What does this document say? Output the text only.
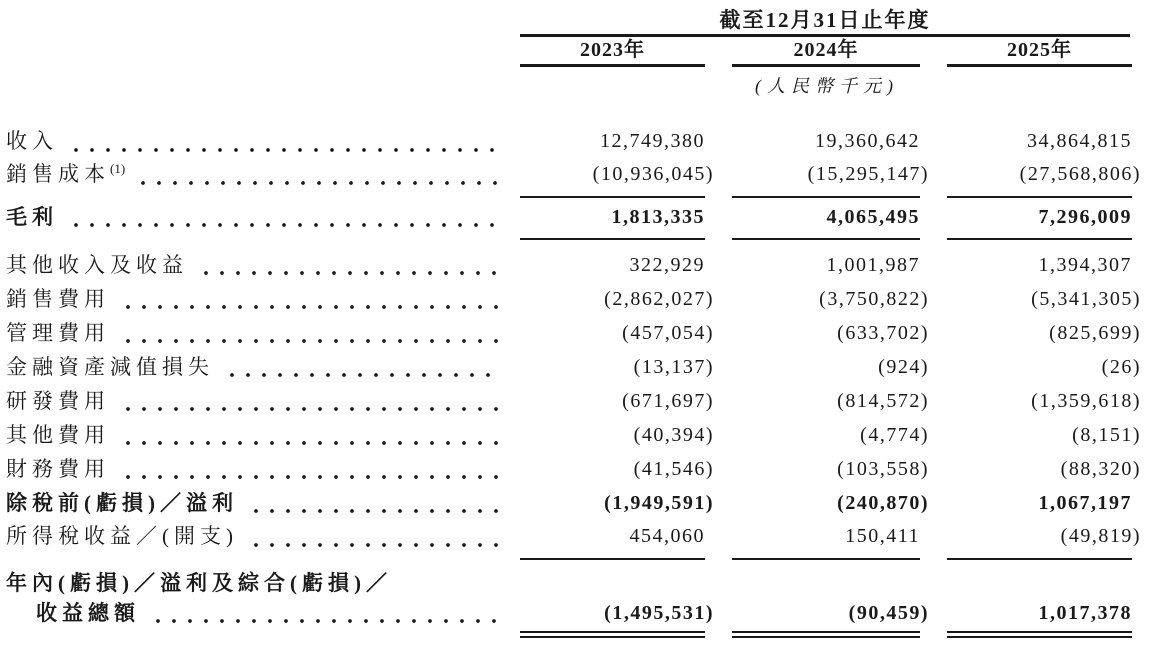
截至12月31日止年度
2023年	2024年	2025年
(人民幣千元)
收入	12,749,380	19,360,642	34,864,815
銷售成本$^{(1)}$	(10,936,045)	(15,295,147)	(27,568,806)
毛利	1,813,335	4,065,495	7,296,009
其他收入及收益	322,929	1,001,987	1,394,307
銷售費用	(2,862,027)	(3,750,822)	(5,341,305)
管理費用	(457,054)	(633,702)	(825,699)
金融資產減值損失	(13,137)	(924)	(26)
研發費用	(671,697)	(814,572)	(1,359,618)
其他費用	(40,394)	(4,774)	(8,151)
財務費用	(41,546)	(103,558)	(88,320)
除稅前(虧損)／溢利	(1,949,591)	(240,870)	1,067,197
所得稅收益／(開支)	454,060	150,411	(49,819)
年內(虧損)／溢利及綜合(虧損)／
收益總額	(1,495,531)	(90,459)	1,017,378
